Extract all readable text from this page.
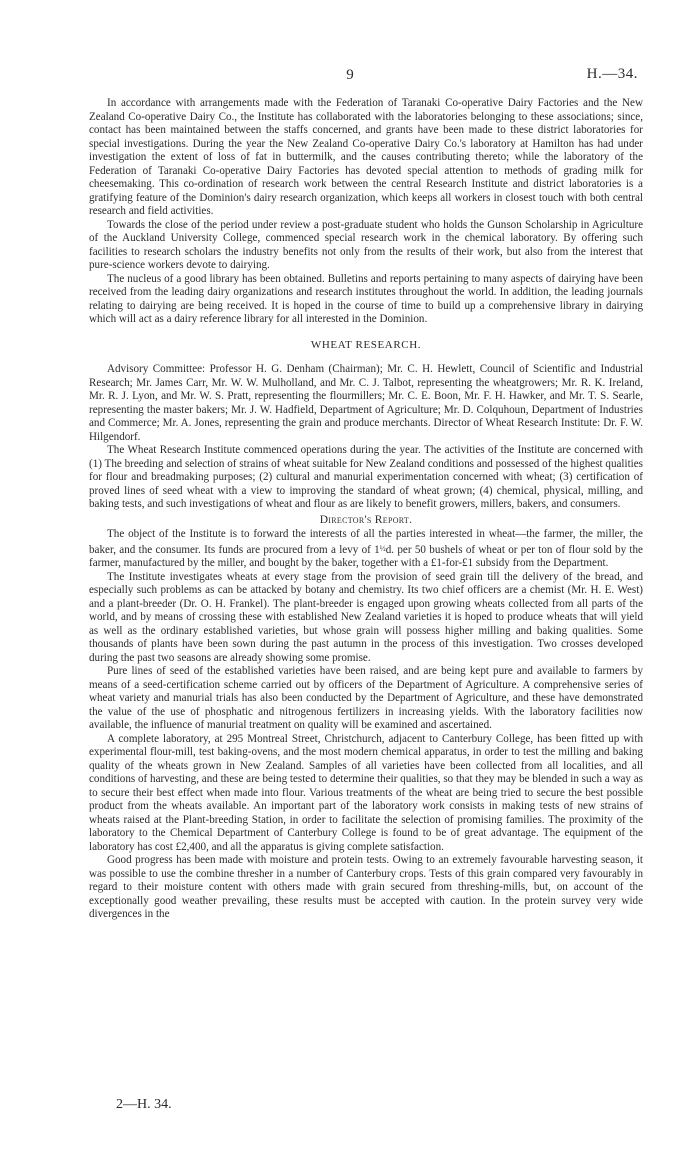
9	H.—34.

In accordance with arrangements made with the Federation of Taranaki Co-operative Dairy Factories and the New Zealand Co-operative Dairy Co., the Institute has collaborated with the laboratories belonging to these associations; since, contact has been maintained between the staffs concerned, and grants have been made to these district laboratories for special investigations. During the year the New Zealand Co-operative Dairy Co.'s laboratory at Hamilton has had under investigation the extent of loss of fat in buttermilk, and the causes contributing thereto; while the laboratory of the Federation of Taranaki Co-operative Dairy Factories has devoted special attention to methods of grading milk for cheesemaking. This co-ordination of research work between the central Research Institute and district laboratories is a gratifying feature of the Dominion's dairy research organization, which keeps all workers in closest touch with both central research and field activities.

Towards the close of the period under review a post-graduate student who holds the Gunson Scholarship in Agriculture of the Auckland University College, commenced special research work in the chemical laboratory. By offering such facilities to research scholars the industry benefits not only from the results of their work, but also from the interest that pure-science workers devote to dairying.

The nucleus of a good library has been obtained. Bulletins and reports pertaining to many aspects of dairying have been received from the leading dairy organizations and research institutes throughout the world. In addition, the leading journals relating to dairying are being received. It is hoped in the course of time to build up a comprehensive library in dairying which will act as a dairy reference library for all interested in the Dominion.

WHEAT RESEARCH.

Advisory Committee: Professor H. G. Denham (Chairman); Mr. C. H. Hewlett, Council of Scientific and Industrial Research; Mr. James Carr, Mr. W. W. Mulholland, and Mr. C. J. Talbot, representing the wheatgrowers; Mr. R. K. Ireland, Mr. R. J. Lyon, and Mr. W. S. Pratt, representing the flourmillers; Mr. C. E. Boon, Mr. F. H. Hawker, and Mr. T. S. Searle, representing the master bakers; Mr. J. W. Hadfield, Department of Agriculture; Mr. D. Colquhoun, Department of Industries and Commerce; Mr. A. Jones, representing the grain and produce merchants. Director of Wheat Research Institute: Dr. F. W. Hilgendorf.

The Wheat Research Institute commenced operations during the year. The activities of the Institute are concerned with (1) The breeding and selection of strains of wheat suitable for New Zealand conditions and possessed of the highest qualities for flour and breadmaking purposes; (2) cultural and manurial experimentation concerned with wheat; (3) certification of proved lines of seed wheat with a view to improving the standard of wheat grown; (4) chemical, physical, milling, and baking tests, and such investigations of wheat and flour as are likely to benefit growers, millers, bakers, and consumers.

Director's Report.

The object of the Institute is to forward the interests of all the parties interested in wheat—the farmer, the miller, the baker, and the consumer. Its funds are procured from a levy of 1½d. per 50 bushels of wheat or per ton of flour sold by the farmer, manufactured by the miller, and bought by the baker, together with a £1-for-£1 subsidy from the Department.

The Institute investigates wheats at every stage from the provision of seed grain till the delivery of the bread, and especially such problems as can be attacked by botany and chemistry. Its two chief officers are a chemist (Mr. H. E. West) and a plant-breeder (Dr. O. H. Frankel). The plant-breeder is engaged upon growing wheats collected from all parts of the world, and by means of crossing these with established New Zealand varieties it is hoped to produce wheats that will yield as well as the ordinary established varieties, but whose grain will possess higher milling and baking qualities. Some thousands of plants have been sown during the past autumn in the process of this investigation. Two crosses developed during the past two seasons are already showing some promise.

Pure lines of seed of the established varieties have been raised, and are being kept pure and available to farmers by means of a seed-certification scheme carried out by officers of the Department of Agriculture. A comprehensive series of wheat variety and manurial trials has also been conducted by the Department of Agriculture, and these have demonstrated the value of the use of phosphatic and nitrogenous fertilizers in increasing yields. With the laboratory facilities now available, the influence of manurial treatment on quality will be examined and ascertained.

A complete laboratory, at 295 Montreal Street, Christchurch, adjacent to Canterbury College, has been fitted up with experimental flour-mill, test baking-ovens, and the most modern chemical apparatus, in order to test the milling and baking quality of the wheats grown in New Zealand. Samples of all varieties have been collected from all localities, and all conditions of harvesting, and these are being tested to determine their qualities, so that they may be blended in such a way as to secure their best effect when made into flour. Various treatments of the wheat are being tried to secure the best possible product from the wheats available. An important part of the laboratory work consists in making tests of new strains of wheats raised at the Plant-breeding Station, in order to facilitate the selection of promising families. The proximity of the laboratory to the Chemical Department of Canterbury College is found to be of great advantage. The equipment of the laboratory has cost £2,400, and all the apparatus is giving complete satisfaction.

Good progress has been made with moisture and protein tests. Owing to an extremely favourable harvesting season, it was possible to use the combine thresher in a number of Canterbury crops. Tests of this grain compared very favourably in regard to their moisture content with others made with grain secured from threshing-mills, but, on account of the exceptionally good weather prevailing, these results must be accepted with caution. In the protein survey very wide divergences in the

2—H. 34.
